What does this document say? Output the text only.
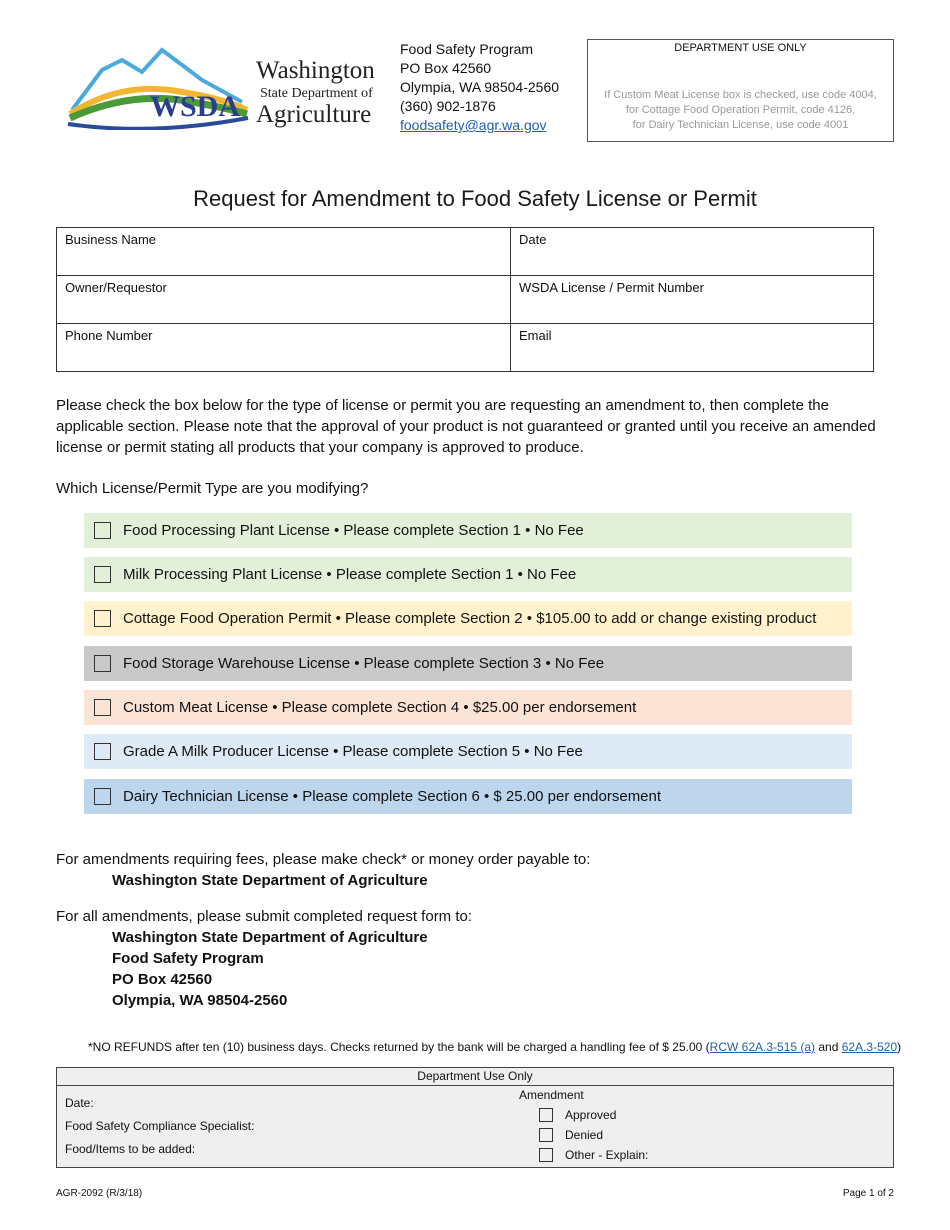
WSDA
Washington
State Department of
Agriculture
Food Safety Program
PO Box 42560
Olympia, WA 98504-2560
(360) 902-1876
foodsafety@agr.wa.gov
DEPARTMENT USE ONLY
If Custom Meat License box is checked, use code 4004,
for Cottage Food Operation Permit, code 4126,
for Dairy Technician License, use code 4001
Request for Amendment to Food Safety License or Permit
Business Name	Date
Owner/Requestor	WSDA License / Permit Number
Phone Number	Email
Please check the box below for the type of license or permit you are requesting an amendment to, then complete the applicable section. Please note that the approval of your product is not guaranteed or granted until you receive an amended license or permit stating all products that your company is approved to produce.
Which License/Permit Type are you modifying?
Food Processing Plant License • Please complete Section 1 • No Fee
Milk Processing Plant License • Please complete Section 1 • No Fee
Cottage Food Operation Permit • Please complete Section 2 • $105.00 to add or change existing product
Food Storage Warehouse License • Please complete Section 3 • No Fee
Custom Meat License • Please complete Section 4 • $25.00 per endorsement
Grade A Milk Producer License • Please complete Section 5 • No Fee
Dairy Technician License • Please complete Section 6 • $ 25.00 per endorsement
For amendments requiring fees, please make check* or money order payable to:
Washington State Department of Agriculture
For all amendments, please submit completed request form to:
Washington State Department of Agriculture
Food Safety Program
PO Box 42560
Olympia, WA 98504-2560
*NO REFUNDS after ten (10) business days. Checks returned by the bank will be charged a handling fee of $ 25.00 (RCW 62A.3-515 (a) and 62A.3-520)
Department Use Only
Date:
Food Safety Compliance Specialist:
Food/Items to be added:
Amendment
Approved
Denied
Other - Explain:
AGR-2092 (R/3/18)	Page 1 of 2
